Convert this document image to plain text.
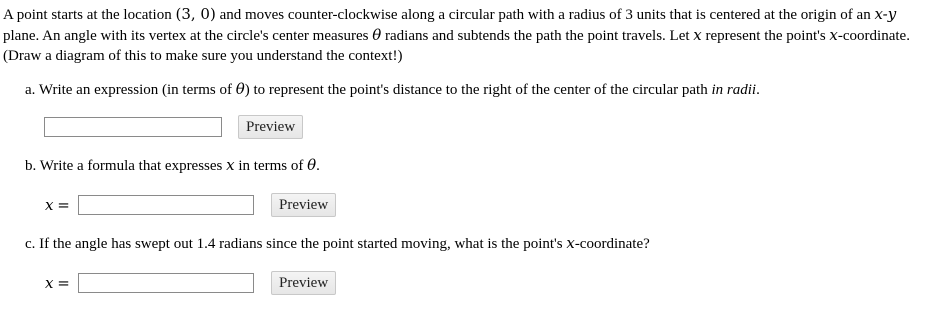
A point starts at the location (3, 0) and moves counter-clockwise along a circular path with a radius of 3 units that is centered at the origin of an x-y plane. An angle with its vertex at the circle's center measures θ radians and subtends the path the point travels. Let x represent the point's x-coordinate. (Draw a diagram of this to make sure you understand the context!)
a. Write an expression (in terms of θ) to represent the point's distance to the right of the center of the circular path in radii.
Preview
b. Write a formula that expresses x in terms of θ.
x =	Preview
c. If the angle has swept out 1.4 radians since the point started moving, what is the point's x-coordinate?
x =	Preview
